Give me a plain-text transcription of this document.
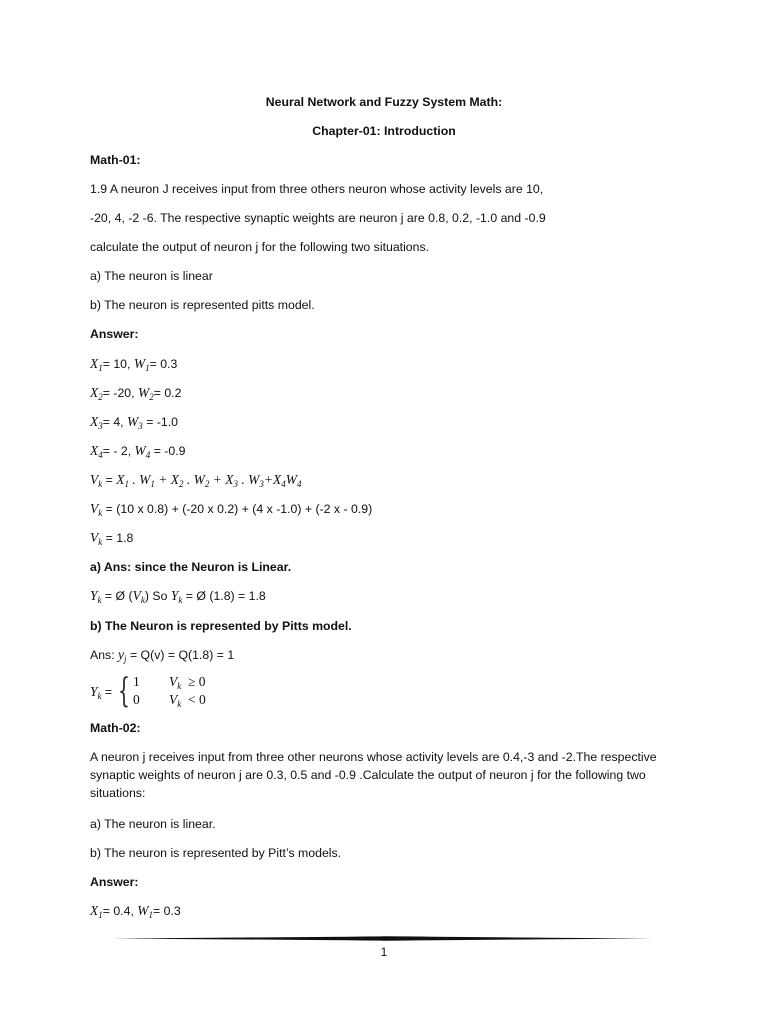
Neural Network and Fuzzy System Math:
Chapter-01: Introduction
Math-01:
1.9 A neuron J receives input from three others neuron whose activity levels are 10,
-20, 4, -2 -6. The respective synaptic weights are neuron j are 0.8, 0.2, -1.0 and -0.9
calculate the output of neuron j for the following two situations.
a) The neuron is linear
b) The neuron is represented pitts model.
Answer:
$X_1= 10$, $W_1= 0.3$
$X_2= -20$, $W_2= 0.2$
$X_3= 4$, $W_3 = -1.0$
$X_4= - 2$, $W_4 = -0.9$
$V_k = X_1$ . $W_1 + X_2$ . $W_2 + X_3$ . $W_3+X_4W_4$
$V_k = (10$ x 0.8) + (-20 x 0.2) + (4 x -1.0) + (-2 x - 0.9)
$V_k = 1.8$
a) Ans: since the Neuron is Linear.
$Y_k$ = Ø $(V_k)$ So $Y_k$ = Ø (1.8) = 1.8
b) The Neuron is represented by Pitts model.
Ans: $y_j = Q(v) = Q(1.8) = 1$
$Y_k$ = { 1 $V_k \ge 0$
0 $V_k < 0$
Math-02:
A neuron j receives input from three other neurons whose activity levels are 0.4,-3 and -2.The respective synaptic weights of neuron j are 0.3, 0.5 and -0.9 .Calculate the output of neuron j for the following two situations:
a) The neuron is linear.
b) The neuron is represented by Pitt’s models.
Answer:
$X_1= 0.4$, $W_1= 0.3$
1
